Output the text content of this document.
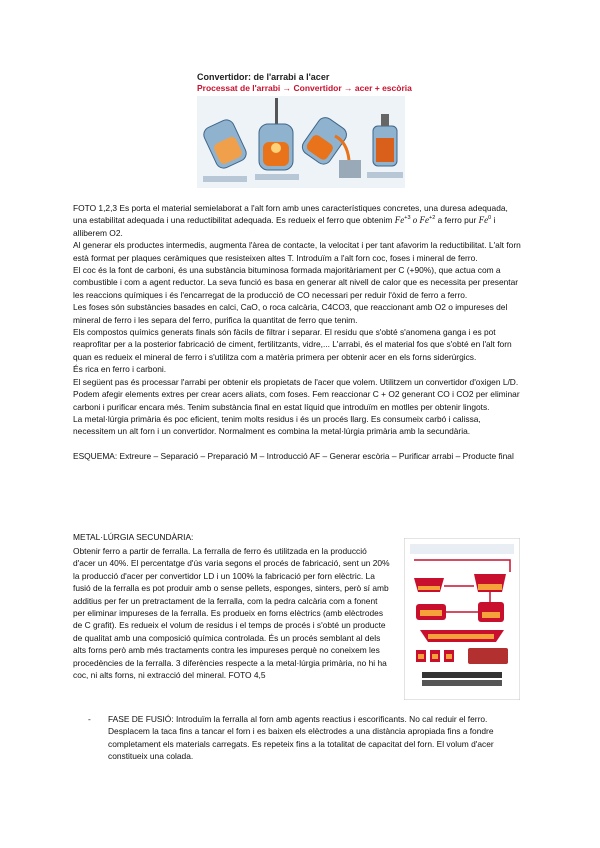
Convertidor: de l'arrabi a l'acer
Processat de l'arrabi → Convertidor → acer + escòria

FOTO 1,2,3 Es porta el material semielaborat a l'alt forn amb unes característiques concretes, una duresa adequada, una estabilitat adequada i una reductibilitat adequada. Es redueix el ferro que obtenim $Fe^{+3}$ o $Fe^{+2}$ a ferro pur Fe$^0$ i alliberem O2.

Al generar els productes intermedis, augmenta l'àrea de contacte, la velocitat i per tant afavorim la reductibilitat. L'alt forn està format per plaques ceràmiques que resisteixen altes T. Introduïm a l'alt forn coc, foses i mineral de ferro.

El coc és la font de carboni, és una substància bituminosa formada majoritàriament per C (+90%), que actua com a combustible i com a agent reductor. La seva funció es basa en generar alt nivell de calor que es necessita per presentar les reaccions químiques i és l'encarregat de la producció de CO necessari per reduir l'òxid de ferro a ferro.

Les foses són substàncies basades en calci, CaO, o roca calcària, C4CO3, que reaccionant amb O2 o impureses del mineral de ferro i les separa del ferro, purifica la quantitat de ferro que tenim.

Els compostos químics generats finals són fàcils de filtrar i separar. El residu que s'obté s'anomena ganga i es pot reaprofitar per a la posterior fabricació de ciment, fertilitzants, vidre,... L'arrabi, és el material fos que s'obté en l'alt forn quan es redueix el mineral de ferro i s'utilitza com a matèria primera per obtenir acer en els forns siderúrgics.

És rica en ferro i carboni.

El següent pas és processar l'arrabi per obtenir els propietats de l'acer que volem. Utilitzem un convertidor d'oxigen L/D. Podem afegir elements extres per crear acers aliats, com foses. Fem reaccionar C + O2 generant CO i CO2 per eliminar carboni i purificar encara més. Tenim substància final en estat líquid que introduïm en motlles per obtenir lingots.

La metal·lúrgia primària és poc eficient, tenim molts residus i és un procés llarg. Es consumeix carbó i calissa, necessitem un alt forn i un convertidor. Normalment es combina la metal·lúrgia primària amb la secundària.

ESQUEMA: Extreure – Separació – Preparació M – Introducció AF – Generar escòria – Purificar arrabi – Producte final

METAL·LÚRGIA SECUNDÀRIA:
Obtenir ferro a partir de ferralla. La ferralla de ferro és utilitzada en la producció d'acer un 40%. El percentatge d'ús varia segons el procés de fabricació, sent un 20% la producció d'acer per convertidor LD i un 100% la fabricació per forn elèctric. La fusió de la ferralla es pot produir amb o sense pellets, esponges, sinters, però sí amb additius per fer un pretractament de la ferralla, com la pedra calcària com a fonent per eliminar impureses de la ferralla. Es produeix en forns elèctrics (amb elèctrodes de C grafit). Es redueix el volum de residus i el temps de procés i s'obté un producte de qualitat amb una composició química controlada. És un procés semblant al dels alts forns però amb més tractaments contra les impureses perquè no coneixem les procedències de la ferralla. 3 diferències respecte a la metal·lúrgia primària, no hi ha coc, ni alts forns, ni extracció del mineral. FOTO 4,5
- FASE DE FUSIÓ: Introduïm la ferralla al forn amb agents reactius i escorificants. No cal reduir el ferro. Desplacem la taca fins a tancar el forn i es baixen els elèctrodes a una distància apropiada fins a fondre completament els materials carregats. Es repeteix fins a la totalitat de capacitat del forn. El volum d'acer constitueix una colada.
